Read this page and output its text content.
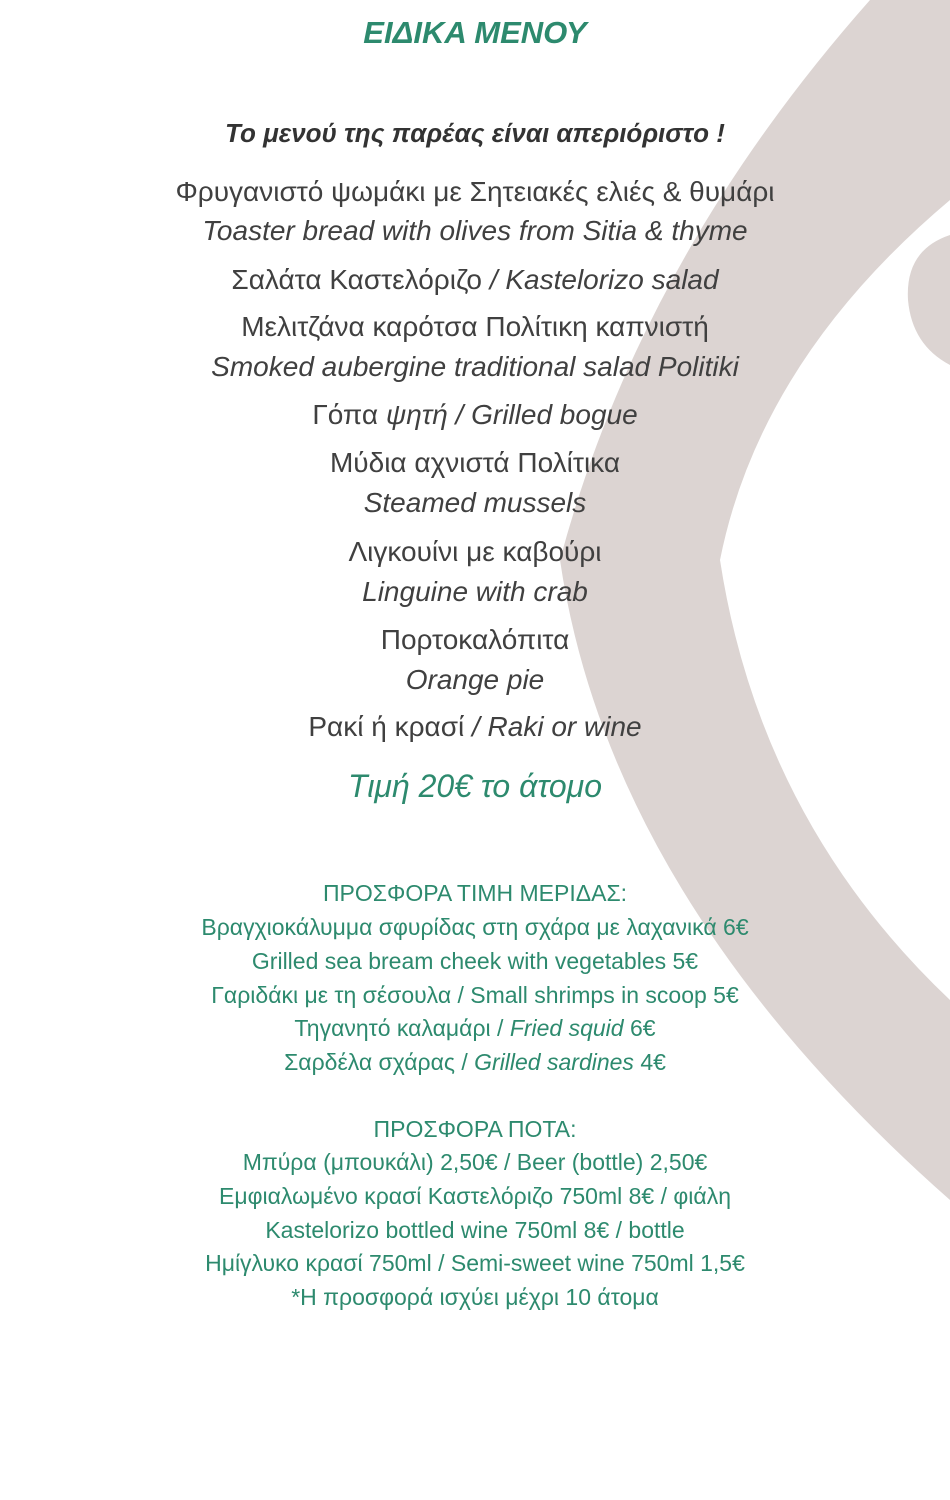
ΕΙΔΙΚΑ ΜΕΝΟΥ
Το μενού της παρέας είναι απεριόριστο !
Φρυγανιστό ψωμάκι με Σητειακές ελιές & θυμάρι
Toaster bread with olives from Sitia & thyme
Σαλάτα Καστελόριζο / Kastelorizo salad
Μελιτζάνα καρότσα Πολίτικη καπνιστή
Smoked aubergine traditional salad Politiki
Γόπα ψητή / Grilled bogue
Μύδια αχνιστά Πολίτικα
Steamed mussels
Λιγκουίνι με καβούρι
Linguine with crab
Πορτοκαλόπιτα
Orange pie
Ρακί ή κρασί / Raki or wine
Τιμή 20€ το άτομο
ΠΡΟΣΦΟΡΑ ΤΙΜΗ ΜΕΡΙΔΑΣ:
Βραγχιοκάλυμμα σφυρίδας στη σχάρα με λαχανικά 6€
Grilled sea bream cheek with vegetables 5€
Γαριδάκι με τη σέσουλα / Small shrimps in scoop 5€
Τηγανητό καλαμάρι / Fried squid 6€
Σαρδέλα σχάρας / Grilled sardines 4€
ΠΡΟΣΦΟΡΑ ΠΟΤΑ:
Μπύρα (μπουκάλι) 2,50€ / Beer (bottle) 2,50€
Εμφιαλωμένο κρασί Καστελόριζο 750ml 8€ / φιάλη
Kastelorizo bottled wine 750ml 8€ / bottle
Ημίγλυκο κρασί 750ml / Semi-sweet wine 750ml 1,5€
*Η προσφορά ισχύει μέχρι 10 άτομα
